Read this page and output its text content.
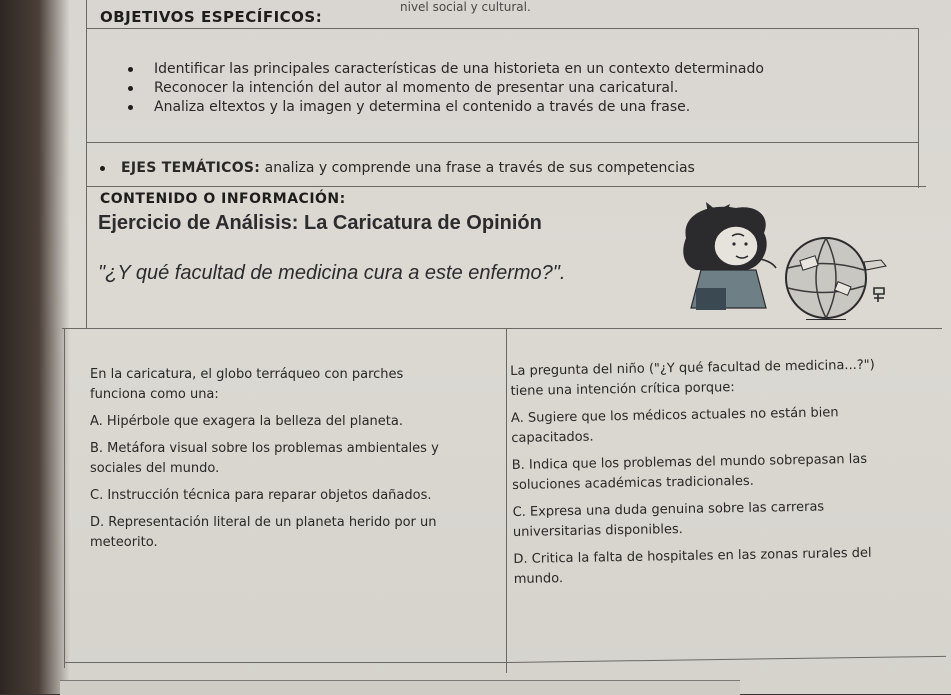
nivel social y cultural.
OBJETIVOS ESPECÍFICOS:
Identificar las principales características de una historieta en un contexto determinado
Reconocer la intención del autor al momento de presentar una caricatural.
Analiza eltextos y la imagen y determina el contenido a través de una frase.
EJES TEMÁTICOS: analiza y comprende una frase a través de sus competencias
CONTENIDO O INFORMACIÓN:
Ejercicio de Análisis: La Caricatura de Opinión
"¿Y qué facultad de medicina cura a este enfermo?".

En la caricatura, el globo terráqueo con parches
funciona como una:

A. Hipérbole que exagera la belleza del planeta.

B. Metáfora visual sobre los problemas ambientales y
sociales del mundo.

C. Instrucción técnica para reparar objetos dañados.

D. Representación literal de un planeta herido por un
meteorito.

La pregunta del niño ("¿Y qué facultad de medicina...?")
tiene una intención crítica porque:

A. Sugiere que los médicos actuales no están bien
capacitados.

B. Indica que los problemas del mundo sobrepasan las
soluciones académicas tradicionales.

C. Expresa una duda genuina sobre las carreras
universitarias disponibles.

D. Critica la falta de hospitales en las zonas rurales del
mundo.
